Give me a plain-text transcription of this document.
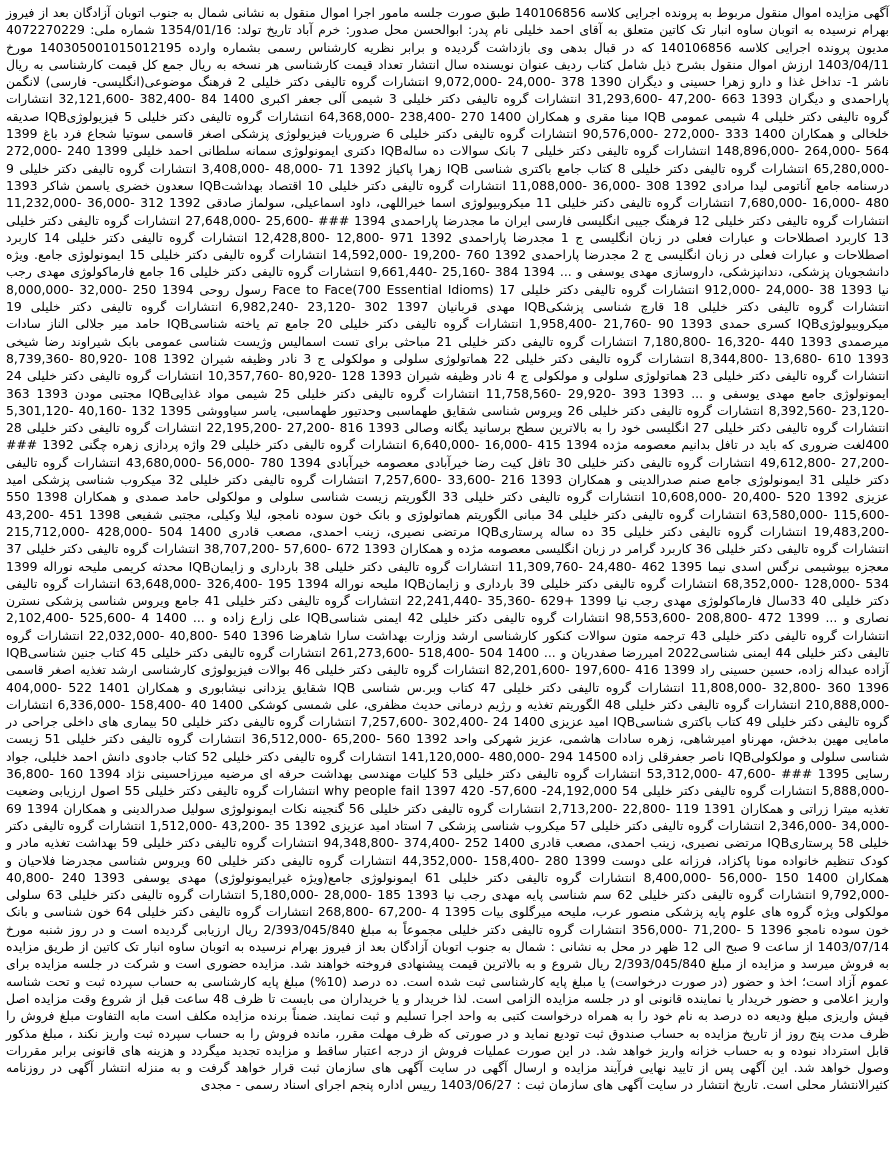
آگهی مزایده اموال منقول مربوط به پرونده اجرایی کلاسه 140106856 طبق صورت جلسه مامور اجرا اموال منقول به نشانی شمال به جنوب اتوبان آزادگان بعد از فیروز بهرام نرسیده به اتوبان ساوه انبار تک کاتین متعلق به آقای احمد خلیلی نام پدر: ابوالحسن محل صدور: خرم آباد تاریخ تولد: 1354/01/16 شماره ملی: 4072270229 مدیون پرونده اجرایی کلاسه 140106856 که در قبال بدهی وی بازداشت گردیده و برابر نظریه کارشناس رسمی بشماره وارده 140305001015012195 مورخ 1403/04/11 ارزش اموال منقول بشرح ذیل شامل کتاب ردیف عنوان نویسنده سال انتشار تعداد قیمت کارشناسی هر نسخه به ریال جمع کل قیمت کارشناسی به ریال ناشر 1- تداخل غذا و دارو زهرا حسینی و دیگران 1390 378 -24,000 -9,072,000 انتشارات گروه تالیفی دکتر خلیلی 2 فرهنگ موضوعی(انگلیسی- فارسی) لانگمن پاراحمدی و دیگران 1393 663 -47,200 -31,293,600 انتشارات گروه تالیفی دکتر خلیلی 3 شیمی آلی جعفر اکبری 1400 84 -382,400 -32,121,600 انتشارات گروه تالیفی دکتر خلیلی 4 شیمی عمومی IQB مینا مقری و همکاران 1400 270 -238,400 -64,368,000 انتشارات گروه تالیفی دکتر خلیلی 5 فیزیولوژیIQB صدیقه خلخالی و همکاران 1400 333 -272,000 -90,576,000 انتشارات گروه تالیفی دکتر خلیلی 6 ضروریات فیزیولوژی پزشکی اصغر قاسمی سوتیا شجاع فرد باغ 1399 564 -264,000 -148,896,000 انتشارات گروه تالیفی دکتر خلیلی 7 بانک سوالات ده سالهIQB دکتری ایمونولوژی سمانه سلطانی احمد خلیلی 1399 240 -272,000 -65,280,000 انتشارات گروه تالیفی دکتر خلیلی 8 کتاب جامع باکتری شناسی IQB زهرا پاکیاز 1392 71 -48,000 -3,408,000 انتشارات گروه تالیفی دکتر خلیلی 9 درسنامه جامع آناتومی لیدا مرادی 1392 308 -36,000 -11,088,000 انتشارات گروه تالیفی دکتر خلیلی 10 اقتصاد بهداشتIQB سعدون خضری یاسمن شاکر 1393 480 -16,000 -7,680,000 انتشارات گروه تالیفی دکتر خلیلی 11 میکروبیولوژی اسما خیراللهی، داود اسماعیلی، سولماز صادقی 1392 312 -36,000 -11,232,000 انتشارات گروه تالیفی دکتر خلیلی 12 فرهنگ جیبی انگلیسی فارسی ایران ما مجدرضا پاراحمدی 1394 ### -25,600 -27,648,000 انتشارات گروه تالیفی دکتر خلیلی 13 کاربرد اصطلاحات و عبارات فعلی در زبان انگلیسی ج 1 مجدرضا پاراحمدی 1392 971 -12,800 -12,428,800 انتشارات گروه تالیفی دکتر خلیلی 14 کاربرد اصطلاحات و عبارات فعلی در زبان انگلیسی ج 2 مجدرضا پاراحمدی 1392 760 -19,200 -14,592,000 انتشارات گروه تالیفی دکتر خلیلی 15 ایمونولوژی جامع. ویژه دانشجویان پزشکی، دندانپزشکی، داروسازی مهدی یوسفی و ... 1394 384 -25,160 -9,661,440 انتشارات گروه تالیفی دکتر خلیلی 16 جامع فارماکولوژی مهدی رجب نیا 1393 38 -24,000 -912,000 انتشارات گروه تالیفی دکتر خلیلی 17 Face to Face(700 Essential Idioms) رسول روحی 1394 250 -32,000 -8,000,000 انتشارات گروه تالیفی دکتر خلیلی 18 قارچ شناسی پزشکیIQB مهدی قربانیان 1397 302 -23,120 -6,982,240 انتشارات گروه تالیفی دکتر خلیلی 19 میکروبیولوژیIQB کسری حمدی 1393 90 -21,760 -1,958,400 انتشارات گروه تالیفی دکتر خلیلی 20 جامع تم یاخته شناسیIQB حامد میر جلالی الناز سادات میرصمدی 1393 440 -16,320 -7,180,800 انتشارات گروه تالیفی دکتر خلیلی 21 مباحثی برای تست اسمالیس وژیست شناسی عمومی بابک شیراوند رضا شیخی 1393 610 -13,680 -8,344,800 انتشارات گروه تالیفی دکتر خلیلی 22 هماتولوژی سلولی و مولکولی ج 3 نادر وظیفه شیران 1392 108 -80,920 -8,739,360 انتشارات گروه تالیفی دکتر خلیلی 23 هماتولوژی سلولی و مولکولی ج 4 نادر وظیفه شیران 1393 128 -80,920 -10,357,760 انتشارات گروه تالیفی دکتر خلیلی 24 ایمونولوژی جامع مهدی یوسفی و ... 1393 393 -29,920 -11,758,560 انتشارات گروه تالیفی دکتر خلیلی 25 شیمی مواد غذاییIQB مجتبی مودن 1393 363 -23,120 -8,392,560 انتشارات گروه تالیفی دکتر خلیلی 26 ویروس شناسی شقایق طهماسبی وحدتیور طهماسبی، یاسر سیاووشی 1395 132 -40,160 -5,301,120 انتشارات گروه تالیفی دکتر خلیلی 27 انگلیسی خود را به بالاترین سطح برسانید یگانه وصالی 1393 816 -27,200 -22,195,200 انتشارات گروه تالیفی دکتر خلیلی 28 400لغت ضروری که باید در تافل بدانیم معصومه مژده 1394 415 -16,000 -6,640,000 انتشارات گروه تالیفی دکتر خلیلی 29 واژه پردازی زهره چگنی 1392 ### -27,200 -49,612,800 انتشارات گروه تالیفی دکتر خلیلی 30 تافل کیت رضا خیرآبادی معصومه خیرآبادی 1394 780 -56,000 -43,680,000 انتشارات گروه تالیفی دکتر خلیلی 31 ایمونولوژی جامع صنم صدرالدینی و همکاران 1393 216 -33,600 -7,257,600 انتشارات گروه تالیفی دکتر خلیلی 32 میکروب شناسی پزشکی امید عزیزی 1392 520 -20,400 -10,608,000 انتشارات گروه تالیفی دکتر خلیلی 33 الگوریتم زیست شناسی سلولی و مولکولی حامد صمدی و همکاران 1398 550 -115,600 -63,580,000 انتشارات گروه تالیفی دکتر خلیلی 34 مبانی الگوریتم هماتولوژی و بانک خون سوده نامجو، لیلا وکیلی، مجتبی شفیعی 1398 451 -43,200 -19,483,200 انتشارات گروه تالیفی دکتر خلیلی 35 ده ساله پرستاریIQB مرتضی نصیری، زینب احمدی، مصعب قادری 1400 504 -428,000 -215,712,000 انتشارات گروه تالیفی دکتر خلیلی 36 کاربرد گرامر در زبان انگلیسی معصومه مژده و همکاران 1393 672 -57,600 -38,707,200 انتشارات گروه تالیفی دکتر خلیلی 37 معجزه بیوشیمی نرگس اسدی نیما 1395 462 -24,480 -11,309,760 انتشارات گروه تالیفی دکتر خلیلی 38 بارداری و زایمانIQB محدثه کریمی ملیحه نوراله 1399 534 -128,000 -68,352,000 انتشارات گروه تالیفی دکتر خلیلی 39 بارداری و زایمانIQB ملیحه نوراله 1394 195 -326,400 -63,648,000 انتشارات گروه تالیفی دکتر خلیلی 40 33سال فارماکولوژی مهدی رجب نیا 1399 +629 -35,360 -22,241,440 انتشارات گروه تالیفی دکتر خلیلی 41 جامع ویروس شناسی پزشکی نسترن نصاری و ... 1399 472 -208,800 -98,553,600 انتشارات گروه تالیفی دکتر خلیلی 42 ایمنی شناسیIQB علی زارع زاده و ... 1400 4 -525,600 -2,102,400 انتشارات گروه تالیفی دکتر خلیلی 43 ترجمه متون سوالات کنکور کارشناسی ارشد وزارت بهداشت سارا شاهرضا 1396 540 -40,800 -22,032,000 انتشارات گروه تالیفی دکتر خلیلی 44 ایمنی شناسی2022 امیررضا صفدریان و ... 1400 504 -518,400 -261,273,600 انتشارات گروه تالیفی دکتر خلیلی 45 کتاب جنین شناسیIQB آزاده عبداله زاده، حسین حسینی راد 1399 416 -197,600 -82,201,600 انتشارات گروه تالیفی دکتر خلیلی 46 بوالات فیزیولوژی کارشناسی ارشد تغذیه اصغر قاسمی 1396 360 -32,800 -11,808,000 انتشارات گروه تالیفی دکتر خلیلی 47 کتاب وبر.س شناسی IQB شقایق یزدانی نیشابوری و همکاران 1401 522 -404,000 -210,888,000 انتشارات گروه تالیفی دکتر خلیلی 48 الگوریتم تغذیه و رژیم درمانی حدیث مظفری، علی شمسی کوشکی 1400 40 -158,400 -6,336,000 انتشارات گروه تالیفی دکتر خلیلی 49 کتاب باکتری شناسیIQB امید عزیزی 1400 24 -302,400 -7,257,600 انتشارات گروه تالیفی دکتر خلیلی 50 بیماری های داخلی جراحی در مامایی مهین بدخش، مهرناو امیرشاهی، زهره سادات هاشمی، عزیز شهرکی واحد 1392 560 -65,200 -36,512,000 انتشارات گروه تالیفی دکتر خلیلی 51 زیست شناسی سلولی و مولکولیIQB ناصر جعفرقلی زاده 14500 294 -480,000 -141,120,000 انتشارات گروه تالیفی دکتر خلیلی 52 کتاب جادوی دانش احمد خلیلی، جواد رسایی 1395 ### -47,600 -53,312,000 انتشارات گروه تالیفی دکتر خلیلی 53 کلیات مهندسی بهداشت حرفه ای مرضیه میرزاحسینی نژاد 1394 160 -36,800 -5,888,000 انتشارات گروه تالیفی دکتر خلیلی 54 why people fail 1397 420 -57,600 -24,192,000 انتشارات گروه تالیفی دکتر خلیلی 55 اصول ارزیابی وضعیت تغذیه میترا زراتی و همکاران 1391 119 -22,800 -2,713,200 انتشارات گروه تالیفی دکتر خلیلی 56 گنجینه نکات ایمونولوژی سولیل صدرالدینی و همکاران 1394 69 -34,000 -2,346,000 انتشارات گروه تالیفی دکتر خلیلی 57 میکروب شناسی پزشکی 7 استاد امید عزیزی 1392 35 -43,200 -1,512,000 انتشارات گروه تالیفی دکتر خلیلی 58 پرستاریIQB مرتضی نصیری، زینب احمدی، مصعب قادری 1400 252 -374,400 -94,348,800 انتشارات گروه تالیفی دکتر خلیلی 59 بهداشت تغذیه مادر و کودک تنظیم خانواده مونا پاکزاد، فرزانه علی دوست 1399 280 -158,400 -44,352,000 انتشارات گروه تالیفی دکتر خلیلی 60 ویروس شناسی مجدرضا فلاحیان و همکاران 1400 150 -56,000 -8,400,000 انتشارات گروه تالیفی دکتر خلیلی 61 ایمونولوژی جامع(ویژه غیرایمونولوژی) مهدی یوسفی 1393 240 -40,800 -9,792,000 انتشارات گروه تالیفی دکتر خلیلی 62 سم شناسی پایه مهدی رجب نیا 1393 185 -28,000 -5,180,000 انتشارات گروه تالیفی دکتر خلیلی 63 سلولی مولکولی ویژه گروه های علوم پایه پزشکی منصور عرب، ملیحه میرگلوی بیات 1395 4 -67,200 -268,800 انتشارات گروه تالیفی دکتر خلیلی 64 خون شناسی و بانک خون سوده نامجو 1396 5 -71,200 -356,000 انتشارات گروه تالیفی دکتر خلیلی مجموعاً به مبلغ 2/393/045/840 ریال ارزیابی گردیده است و در روز شنبه مورخ 1403/07/14 از ساعت 9 صبح الی 12 ظهر در محل به نشانی : شمال به جنوب اتوبان آزادگان بعد از فیروز بهرام نرسیده به اتوبان ساوه انبار تک کاتین از طریق مزایده به فروش میرسد و مزایده از مبلغ 2/393/045/840 ریال شروع و به بالاترین قیمت پیشنهادی فروخته خواهند شد. مزایده حضوری است و شرکت در جلسه مزایده برای عموم آزاد است؛ اخذ و حضور (در صورت درخواست) یا مبلغ پایه کارشناسی ثبت شده است. ده درصد (10%) مبلغ پایه کارشناسی به حساب سپرده ثبت و تحت شناسه واریز اعلامی و حضور خریدار یا نماینده قانونی او در جلسه مزایده الزامی است. لذا خریدار و یا خریداران می بایست تا ظرف 48 ساعت قبل از شروع وقت مزایده اصل فیش واریزی مبلغ ودیعه ده درصد به نام خود را به همراه درخواست کتبی به واحد اجرا تسلیم و ثبت نمایند. ضمناً برنده مزایده مکلف است مابه التفاوت مبلغ فروش را ظرف مدت پنج روز از تاریخ مزایده به حساب صندوق ثبت تودیع نماید و در صورتی که ظرف مهلت مقرر، مانده فروش را به حساب سپرده ثبت واریز نکند ، مبلغ مذکور قابل استرداد نبوده و به حساب خزانه واریز خواهد شد. در این صورت عملیات فروش از درجه اعتبار ساقط و مزایده تجدید میگردد و هزینه های قانونی برابر مقررات وصول خواهد شد. این آگهی پس از تایید نهایی فرآیند مزایده و ارسال آگهی در سایت آگهی های سازمان ثبت قرار خواهد گرفت و به منزله انتشار آگهی در روزنامه کثیرالانتشار محلی است. تاریخ انتشار در سایت آگهی های سازمان ثبت : 1403/06/27 رییس اداره پنجم اجرای اسناد رسمی - مجدی
